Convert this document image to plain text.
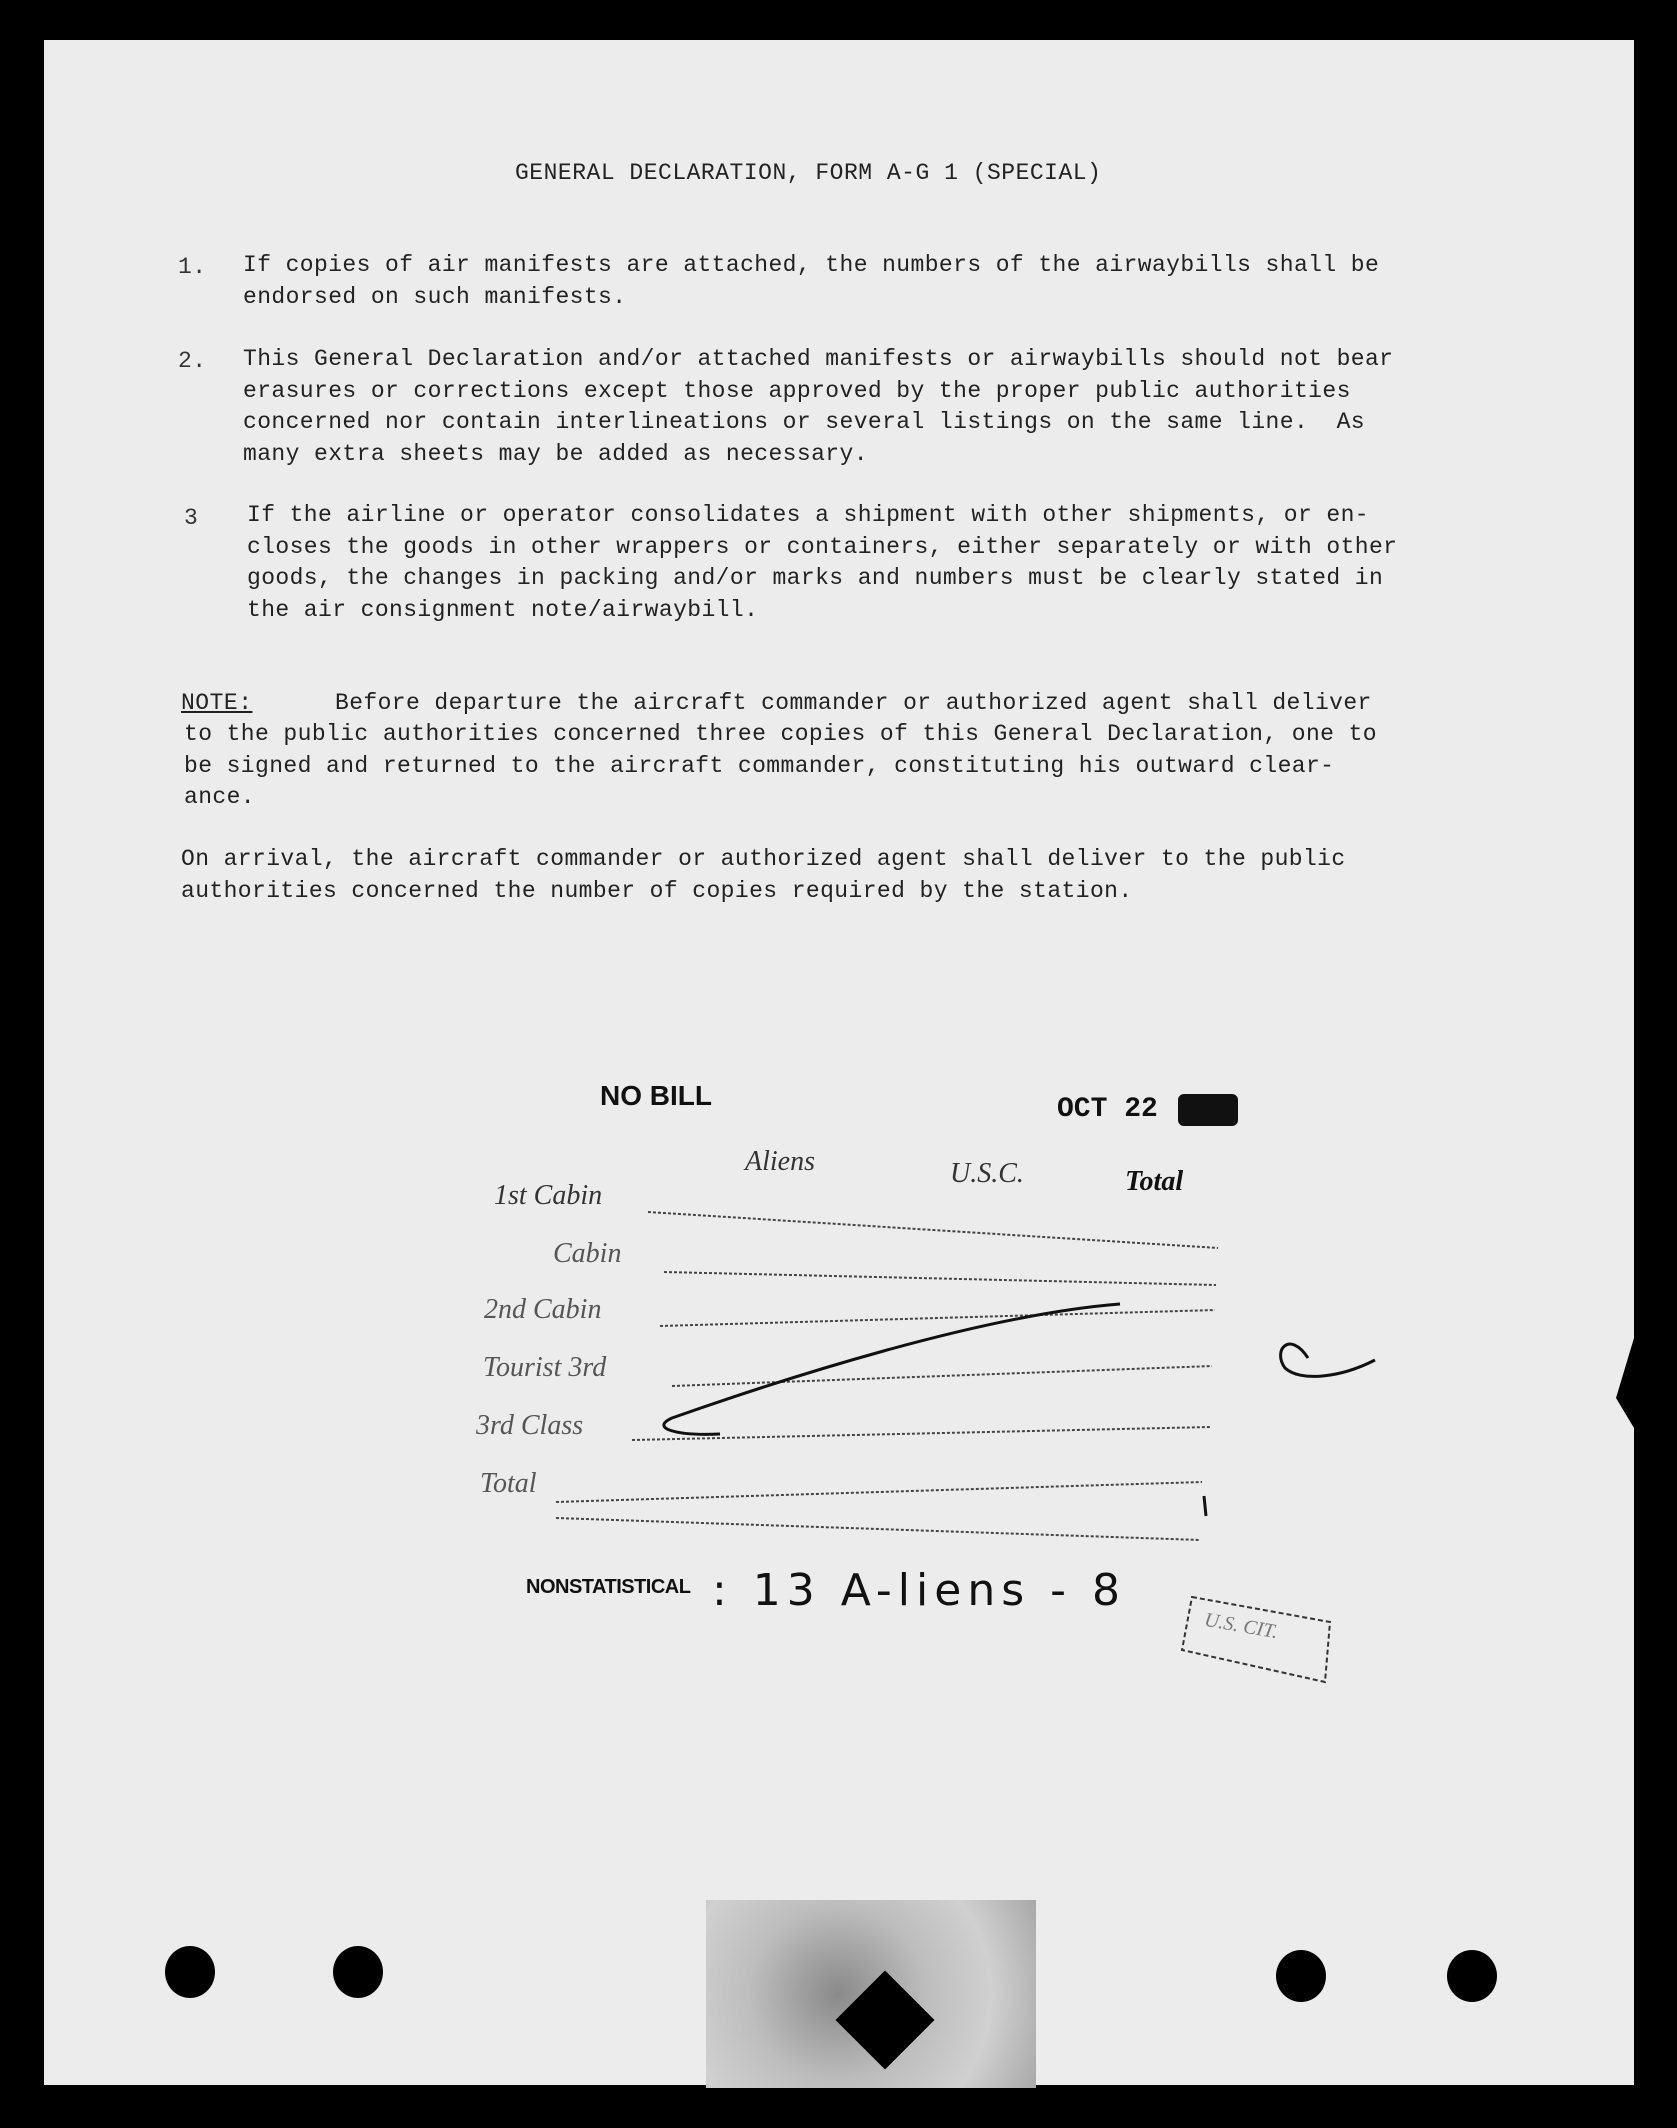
GENERAL DECLARATION, FORM A-G 1 (SPECIAL)
1. If copies of air manifests are attached, the numbers of the airwaybills shall be
endorsed on such manifests.
2. This General Declaration and/or attached manifests or airwaybills should not bear
erasures or corrections except those approved by the proper public authorities
concerned nor contain interlineations or several listings on the same line.  As
many extra sheets may be added as necessary.
3 If the airline or operator consolidates a shipment with other shipments, or en-
closes the goods in other wrappers or containers, either separately or with other
goods, the changes in packing and/or marks and numbers must be clearly stated in
the air consignment note/airwaybill.
NOTE:	Before departure the aircraft commander or authorized agent shall deliver
to the public authorities concerned three copies of this General Declaration, one to
be signed and returned to the aircraft commander, constituting his outward clear-
ance.
On arrival, the aircraft commander or authorized agent shall deliver to the public
authorities concerned the number of copies required by the station.
NO BILL	OCT 22
Aliens	U.S.C.	Total
1st Cabin
Cabin
2nd Cabin
Tourist 3rd
3rd Class
Total
NONSTATISTICAL : 13 A-liens - 8
U.S. CIT.
